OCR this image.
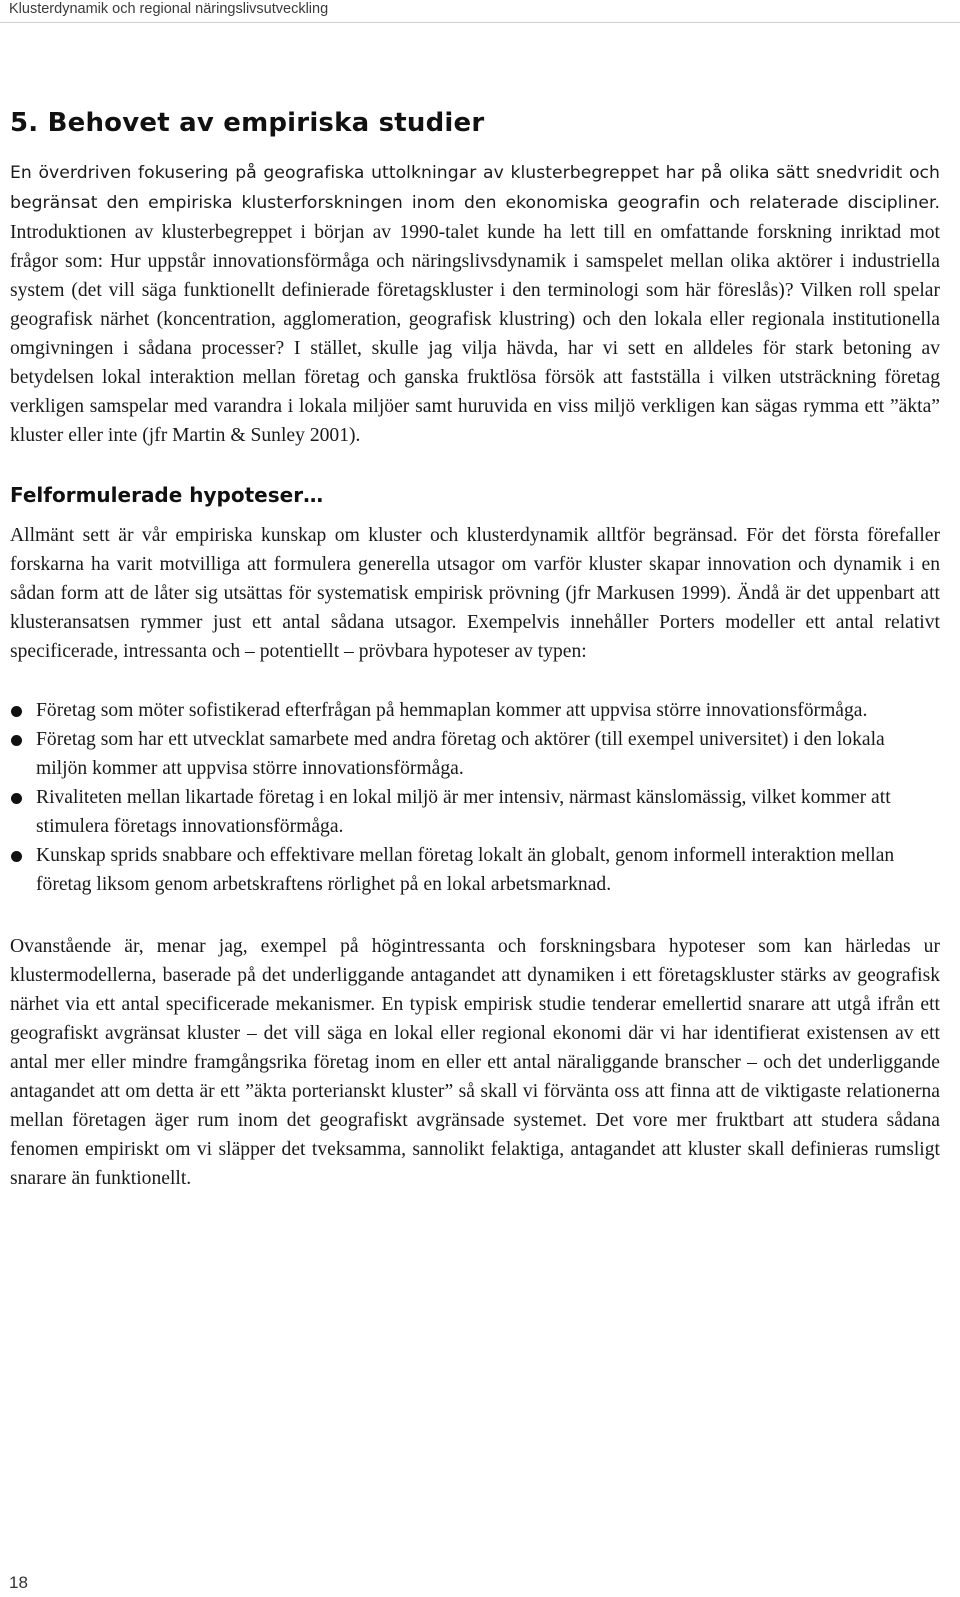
Klusterdynamik och regional näringslivsutveckling
5. Behovet av empiriska studier

En överdriven fokusering på geografiska uttolkningar av klusterbegreppet har på olika sätt snedvridit och begränsat den empiriska klusterforskningen inom den ekonomiska geografin och relaterade discipliner. Introduktionen av klusterbegreppet i början av 1990-talet kunde ha lett till en omfattande forskning inriktad mot frågor som: Hur uppstår innovationsförmåga och näringslivsdynamik i samspelet mellan olika aktörer i industriella system (det vill säga funktionellt definierade företagskluster i den terminologi som här föreslås)? Vilken roll spelar geografisk närhet (koncentration, agglomeration, geografisk klustring) och den lokala eller regionala institutionella omgivningen i sådana processer? I stället, skulle jag vilja hävda, har vi sett en alldeles för stark betoning av betydelsen lokal interaktion mellan företag och ganska fruktlösa försök att fastställa i vilken utsträckning företag verkligen samspelar med varandra i lokala miljöer samt huruvida en viss miljö verkligen kan sägas rymma ett ”äkta” kluster eller inte (jfr Martin & Sunley 2001).

Felformulerade hypoteser…

Allmänt sett är vår empiriska kunskap om kluster och klusterdynamik alltför begränsad. För det första förefaller forskarna ha varit motvilliga att formulera generella utsagor om varför kluster skapar innovation och dynamik i en sådan form att de låter sig utsättas för systematisk empirisk prövning (jfr Markusen 1999). Ändå är det uppenbart att klusteransatsen rymmer just ett antal sådana utsagor. Exempelvis innehåller Porters modeller ett antal relativt specificerade, intressanta och – potentiellt – prövbara hypoteser av typen:

Företag som möter sofistikerad efterfrågan på hemmaplan kommer att uppvisa större innovationsförmåga.
Företag som har ett utvecklat samarbete med andra företag och aktörer (till exempel universitet) i den lokala miljön kommer att uppvisa större innovationsförmåga.
Rivaliteten mellan likartade företag i en lokal miljö är mer intensiv, närmast känslomässig, vilket kommer att stimulera företags innovationsförmåga.
Kunskap sprids snabbare och effektivare mellan företag lokalt än globalt, genom informell interaktion mellan företag liksom genom arbetskraftens rörlighet på en lokal arbetsmarknad.

Ovanstående är, menar jag, exempel på högintressanta och forskningsbara hypoteser som kan härledas ur klustermodellerna, baserade på det underliggande antagandet att dynamiken i ett företagskluster stärks av geografisk närhet via ett antal specificerade mekanismer. En typisk empirisk studie tenderar emellertid snarare att utgå ifrån ett geografiskt avgränsat kluster – det vill säga en lokal eller regional ekonomi där vi har identifierat existensen av ett antal mer eller mindre framgångsrika företag inom en eller ett antal näraliggande branscher – och det underliggande antagandet att om detta är ett ”äkta porterianskt kluster” så skall vi förvänta oss att finna att de viktigaste relationerna mellan företagen äger rum inom det geografiskt avgränsade systemet. Det vore mer fruktbart att studera sådana fenomen empiriskt om vi släpper det tveksamma, sannolikt felaktiga, antagandet att kluster skall definieras rumsligt snarare än funktionellt.

18
